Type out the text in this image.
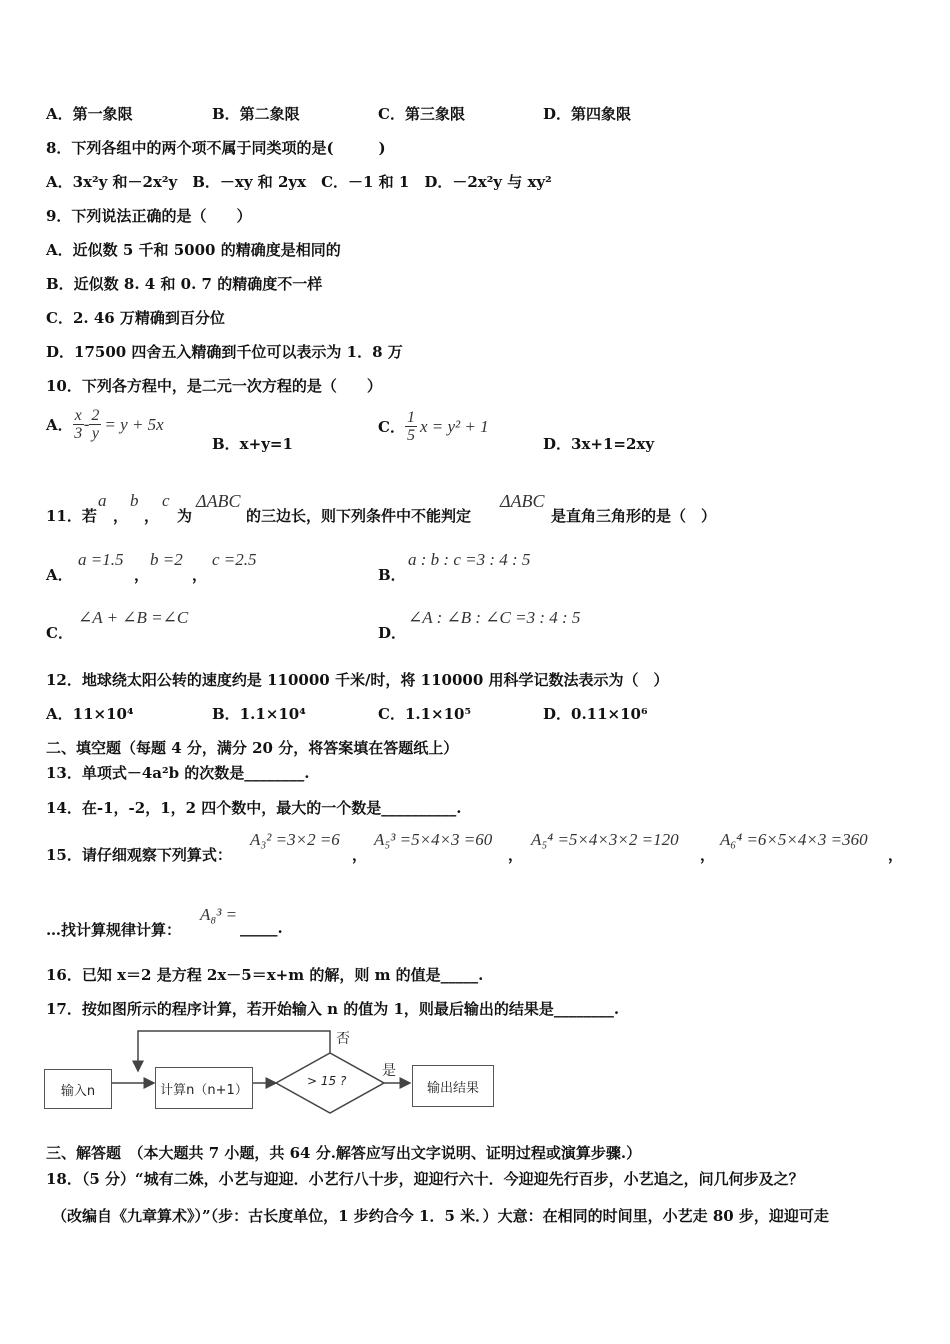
A．第一象限	B．第二象限	C．第三象限	D．第四象限
8．下列各组中的两个项不属于同类项的是(　　　)
A．3x²y 和－2x²y　B．－xy 和 2yx　C．－1 和 1　D．－2x²y 与 xy²
9．下列说法正确的是（　　）
A．近似数 5 千和 5000 的精确度是相同的
B．近似数 8. 4 和 0. 7 的精确度不一样
C．2. 46 万精确到百分位
D．17500 四舍五入精确到千位可以表示为 1．8 万
10．下列各方程中，是二元一次方程的是（　　）
A． $\frac{x}{3} - \frac{2}{y} = y + 5x$
B．x+y=1
C． $\frac{1}{5}$ x = y² + 1
D．3x+1=2xy
11．若
a
，
b
，
c
为
ΔABC
的三边长，则下列条件中不能判定
ΔABC
是直角三角形的是（　）
A．
a =1.5
，
b =2
，
c =2.5
B．
a : b : c =3 : 4 : 5
C．
∠A + ∠B =∠C
D．
∠A : ∠B : ∠C =3 : 4 : 5
12．地球绕太阳公转的速度约是 110000 千米/时，将 110000 用科学记数法表示为（　）
A．11×10⁴	B．1.1×10⁴	C．1.1×10⁵	D．0.11×10⁶
二、填空题（每题 4 分，满分 20 分，将答案填在答题纸上）
13．单项式－4a²b 的次数是________.
14．在-1，-2，1，2 四个数中，最大的一个数是__________.
15．请仔细观察下列算式：
A₃² =3×2 =6
，
A₅³ =5×4×3 =60
，
A₅⁴ =5×4×3×2 =120
，
A₆⁴ =6×5×4×3 =360
，
…找计算规律计算：
A₈³ =
_____.
16．已知 x＝2 是方程 2x－5＝x+m 的解，则 m 的值是_____.
17．按如图所示的程序计算，若开始输入 n 的值为 1，则最后输出的结果是________.
输入n	计算n（n+1）
> 15 ?
否
是
输出结果
三、解答题　（本大题共 7 小题，共 64 分.解答应写出文字说明、证明过程或演算步骤.）
18．（5 分）“城有二姝，小艺与迎迎．小艺行八十步，迎迎行六十．今迎迎先行百步，小艺追之，问几何步及之？
（改编自《九章算术》）”（步：古长度单位，1 步约合今 1．5 米．）大意：在相同的时间里，小艺走 80 步，迎迎可走
